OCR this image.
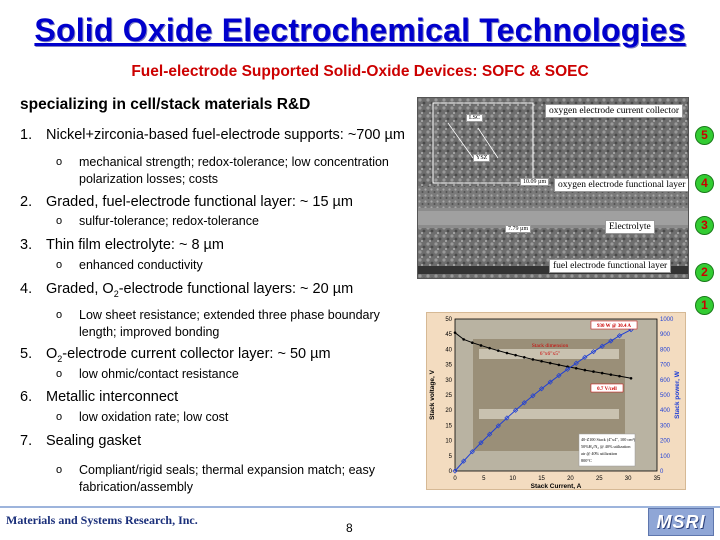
Solid Oxide Electrochemical Technologies
Fuel-electrode Supported Solid-Oxide Devices: SOFC & SOEC
specializing in cell/stack materials R&D
1. Nickel+zirconia-based fuel-electrode supports: ~700 µm
o mechanical strength; redox-tolerance; low concentration polarization losses; costs
2. Graded, fuel-electrode functional layer: ~ 15 µm
o sulfur-tolerance; redox-tolerance
3. Thin film electrolyte: ~ 8 µm
o enhanced conductivity
4. Graded, $O_2$-electrode functional layers: ~ 20 µm
o Low sheet resistance; extended three phase boundary length; improved bonding
5. $O_2$-electrode current collector layer: ~ 50 µm
o low ohmic/contact resistance
6. Metallic interconnect
o low oxidation rate; low cost
7. Sealing gasket
o Compliant/rigid seals; thermal expansion match; easy fabrication/assembly
oxygen electrode current collector
oxygen electrode functional layer
Electrolyte
fuel electrode functional layer
LSC
YSZ
10.09 µm
7.79 µm
5
4
3
2
1
0	5	10	15	20	25	30	35
0
5
10
15
20
25
30
35
40
45
50
0
100
200
300
400
500
600
700
800
900
1000
Stack Current, A
Stack voltage, V	Stack power, W
930 W @ 30.4 A
0.7 V/cell
Stack dimension
6"x6"x5"
40-Z100 Stack (4"x4", 100 cm²)
50%H₂/N₂ @ 40% utilization
air @ 40% utilization
800°C
Materials and Systems Research, Inc.
8	MSRI
